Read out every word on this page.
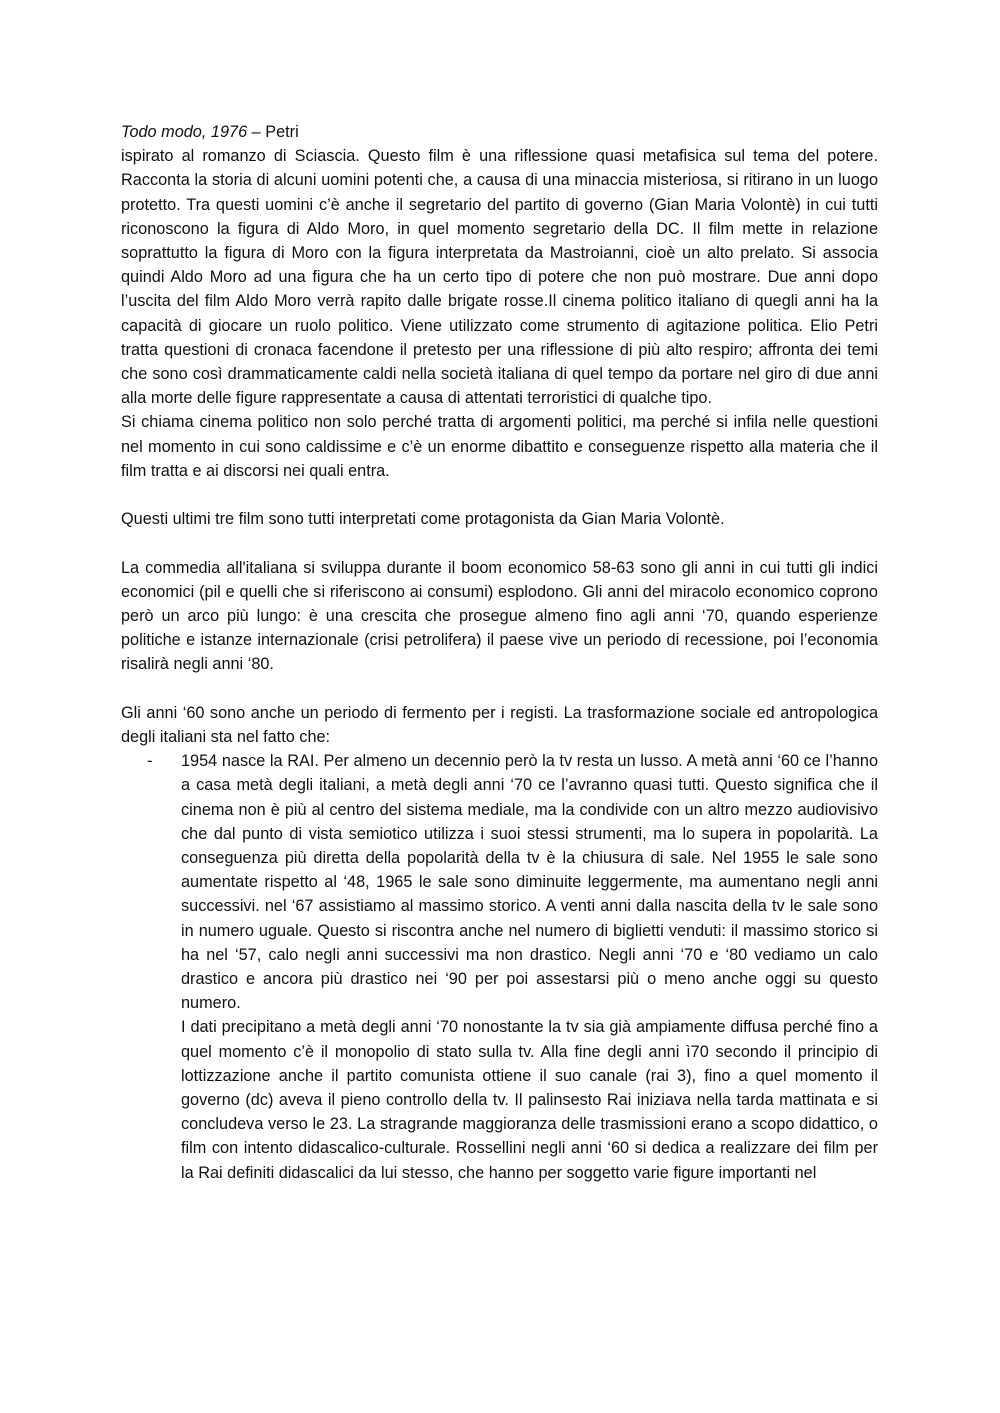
Todo modo, 1976 – Petri

ispirato al romanzo di Sciascia. Questo film è una riflessione quasi metafisica sul tema del potere. Racconta la storia di alcuni uomini potenti che, a causa di una minaccia misteriosa, si ritirano in un luogo protetto. Tra questi uomini c’è anche il segretario del partito di governo (Gian Maria Volontè) in cui tutti riconoscono la figura di Aldo Moro, in quel momento segretario della DC. Il film mette in relazione soprattutto la figura di Moro con la figura interpretata da Mastroianni, cioè un alto prelato. Si associa quindi Aldo Moro ad una figura che ha un certo tipo di potere che non può mostrare. Due anni dopo l’uscita del film Aldo Moro verrà rapito dalle brigate rosse.Il cinema politico italiano di quegli anni ha la capacità di giocare un ruolo politico. Viene utilizzato come strumento di agitazione politica. Elio Petri tratta questioni di cronaca facendone il pretesto per una riflessione di più alto respiro; affronta dei temi che sono così drammaticamente caldi nella società italiana di quel tempo da portare nel giro di due anni alla morte delle figure rappresentate a causa di attentati terroristici di qualche tipo.

Si chiama cinema politico non solo perché tratta di argomenti politici, ma perché si infila nelle questioni nel momento in cui sono caldissime e c’è un enorme dibattito e conseguenze rispetto alla materia che il film tratta e ai discorsi nei quali entra.

Questi ultimi tre film sono tutti interpretati come protagonista da Gian Maria Volontè.

La commedia all'italiana si sviluppa durante il boom economico 58-63 sono gli anni in cui tutti gli indici economici (pil e quelli che si riferiscono ai consumi) esplodono. Gli anni del miracolo economico coprono però un arco più lungo: è una crescita che prosegue almeno fino agli anni ‘70, quando esperienze politiche e istanze internazionale (crisi petrolifera) il paese vive un periodo di recessione, poi l’economia risalirà negli anni ‘80.

Gli anni ‘60 sono anche un periodo di fermento per i registi. La trasformazione sociale ed antropologica degli italiani sta nel fatto che:

- 1954 nasce la RAI. Per almeno un decennio però la tv resta un lusso. A metà anni ‘60 ce l’hanno a casa metà degli italiani, a metà degli anni ‘70 ce l’avranno quasi tutti. Questo significa che il cinema non è più al centro del sistema mediale, ma la condivide con un altro mezzo audiovisivo che dal punto di vista semiotico utilizza i suoi stessi strumenti, ma lo supera in popolarità. La conseguenza più diretta della popolarità della tv è la chiusura di sale. Nel 1955 le sale sono aumentate rispetto al ‘48, 1965 le sale sono diminuite leggermente, ma aumentano negli anni successivi. nel ‘67 assistiamo al massimo storico. A venti anni dalla nascita della tv le sale sono in numero uguale. Questo si riscontra anche nel numero di biglietti venduti: il massimo storico si ha nel ‘57, calo negli anni successivi ma non drastico. Negli anni ‘70 e ‘80 vediamo un calo drastico e ancora più drastico nei ‘90 per poi assestarsi più o meno anche oggi su questo numero.

I dati precipitano a metà degli anni ‘70 nonostante la tv sia già ampiamente diffusa perché fino a quel momento c’è il monopolio di stato sulla tv. Alla fine degli anni ì70 secondo il principio di lottizzazione anche il partito comunista ottiene il suo canale (rai 3), fino a quel momento il governo (dc) aveva il pieno controllo della tv. Il palinsesto Rai iniziava nella tarda mattinata e si concludeva verso le 23. La stragrande maggioranza delle trasmissioni erano a scopo didattico, o film con intento didascalico-culturale. Rossellini negli anni ‘60 si dedica a realizzare dei film per la Rai definiti didascalici da lui stesso, che hanno per soggetto varie figure importanti nel
